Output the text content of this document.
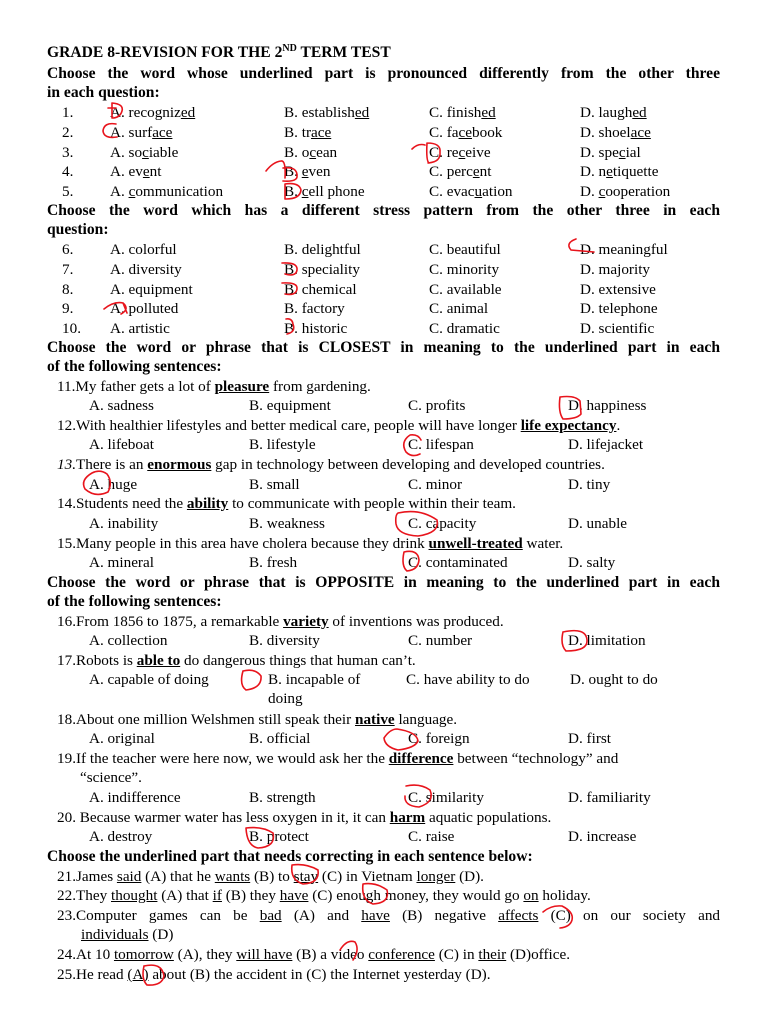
GRADE 8-REVISION FOR THE 2ND TERM TEST
Choose the word whose underlined part is pronounced differently from the other three
in each question:
Choose the word which has a different stress pattern from the other three in each
question:
Choose the word or phrase that is CLOSEST in meaning to the underlined part in each
of the following sentences:
Choose the word or phrase that is OPPOSITE in meaning to the underlined part in each
of the following sentences:
Choose the underlined part that needs correcting in each sentence below:
1. A. recognized	B. established	C. finished	D. laughed
2. A. surface	B. trace	C. facebook	D. shoelace
3. A. sociable	B. ocean	C. receive	D. special
4. A. event	B. even	C. percent	D. netiquette
5. A. communication	B. cell phone	C. evacuation	D. cooperation
6. A. colorful	B. delightful	C. beautiful	D. meaningful
7. A. diversity	B. speciality	C. minority	D. majority
8. A. equipment	B. chemical	C. available	D. extensive
9. A. polluted	B. factory	C. animal	D. telephone
10. A. artistic	B. historic	C. dramatic	D. scientific
11.My father gets a lot of pleasure from gardening.
A. sadness	B. equipment	C. profits	D. happiness
12.With healthier lifestyles and better medical care, people will have longer life expectancy.
A. lifeboat	B. lifestyle	C. lifespan	D. lifejacket
13.There is an enormous gap in technology between developing and developed countries.
A. huge	B. small	C. minor	D. tiny
14.Students need the ability to communicate with people within their team.
A. inability	B. weakness	C. capacity	D. unable
15.Many people in this area have cholera because they drink unwell-treated water.
A. mineral	B. fresh	C. contaminated	D. salty
16.From 1856 to 1875, a remarkable variety of inventions was produced.
A. collection	B. diversity	C. number	D. limitation
17.Robots is able to do dangerous things that human can’t.
A. capable of doing	B. incapable of
doing
C. have ability to do	D. ought to do
18.About one million Welshmen still speak their native language.
A. original	B. official	C. foreign	D. first
19.If the teacher were here now, we would ask her the difference between “technology” and
“science”.
A. indifference	B. strength	C. similarity	D. familiarity
20. Because warmer water has less oxygen in it, it can harm aquatic populations.
A. destroy	B. protect	C. raise	D. increase
21.James said (A) that he wants (B) to stay (C) in Vietnam longer (D).
22.They thought (A) that if (B) they have (C) enough money, they would go on holiday.
23.Computer games can be bad (A) and have (B) negative affects (C) on our society and
individuals (D)
24.At 10 tomorrow (A), they will have (B) a video conference (C) in their (D)office.
25.He read (A) about (B) the accident in (C) the Internet yesterday (D).
